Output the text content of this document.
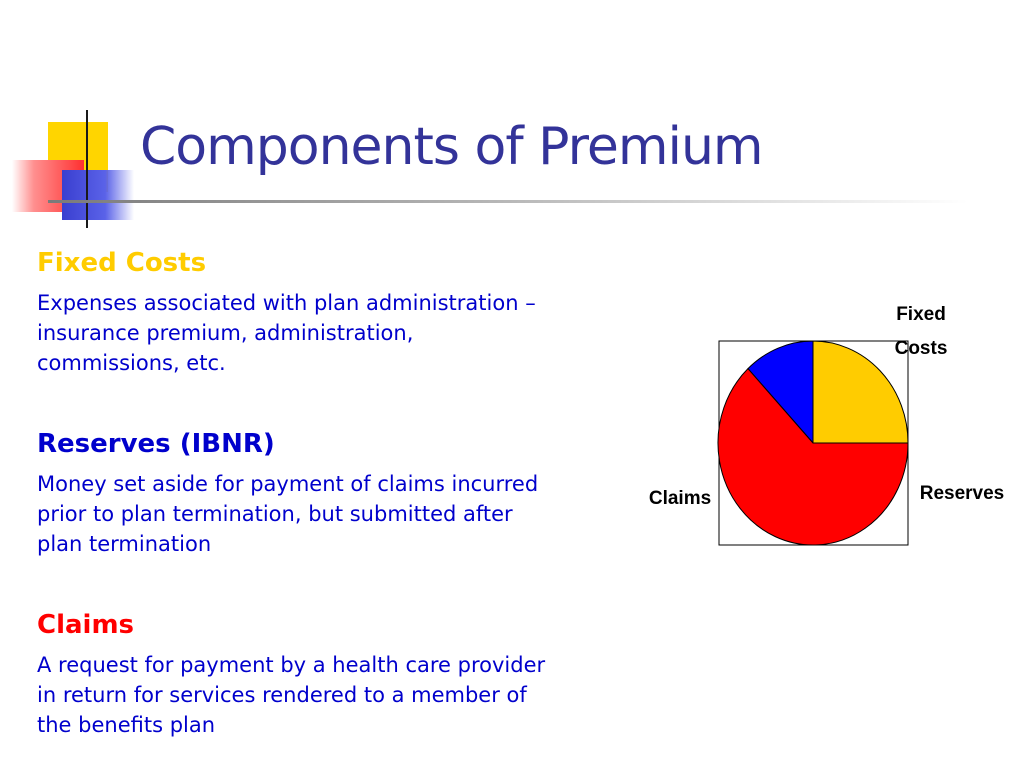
Components of Premium
Fixed Costs

Expenses associated with plan administration – insurance premium, administration, commissions, etc.

Reserves (IBNR)

Money set aside for payment of claims incurred prior to plan termination, but submitted after plan termination

Claims

A request for payment by a health care provider in return for services rendered to a member of the benefits plan

Fixed Costs
Reserves
Claims
